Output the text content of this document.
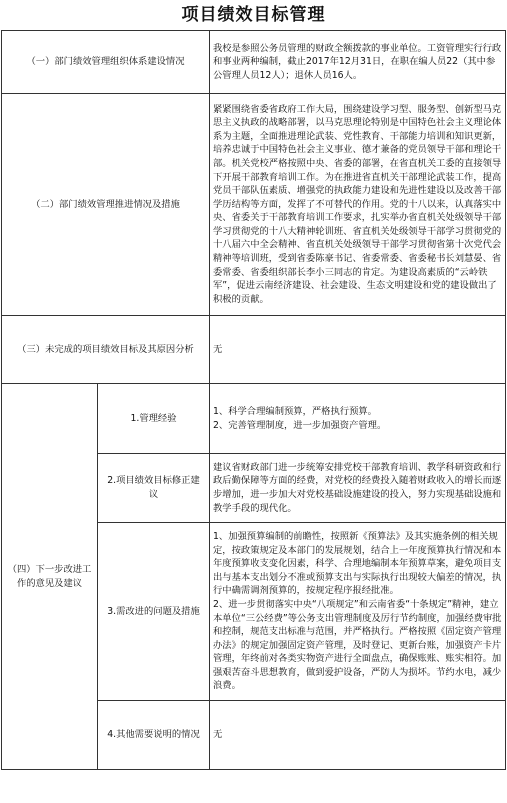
项目绩效目标管理
（一）部门绩效管理组织体系建设情况		我校是参照公务员管理的财政全额拨款的事业单位。工资管理实行行政和事业两种编制，截止2017年12月31日，在职在编人员22（其中参公管理人员12人）；退休人员16人。
（二）部门绩效管理推进情况及措施		紧紧围绕省委省政府工作大局，围绕建设学习型、服务型、创新型马克思主义执政的战略部署，以马克思理论特别是中国特色社会主义理论体系为主题，全面推进理论武装、党性教育、干部能力培训和知识更新，培养忠诚于中国特色社会主义事业、德才兼备的党员领导干部和理论干部。机关党校严格按照中央、省委的部署，在省直机关工委的直接领导下开展干部教育培训工作。为在推进省直机关干部理论武装工作，提高党员干部队伍素质、增强党的执政能力建设和先进性建设以及改善干部学历结构等方面，发挥了不可替代的作用。党的十八以来，认真落实中央、省委关于干部教育培训工作要求，扎实举办省直机关处级领导干部学习贯彻党的十八大精神轮训班、省直机关处级领导干部学习贯彻党的十八届六中全会精神、省直机关处级领导干部学习贯彻省第十次党代会精神等培训班，受到省委陈豪书记、省委常委、省委秘书长刘慧晏、省委常委、省委组织部长李小三同志的肯定。为建设高素质的“云岭铁军”，促进云南经济建设、社会建设、生态文明建设和党的建设做出了积极的贡献。
（三）未完成的项目绩效目标及其原因分析		无
（四）下一步改进工作的意见及建议	1.管理经验	1、科学合理编制预算，严格执行预算。
2、完善管理制度，进一步加强资产管理。

	2.项目绩效目标修正建议	建议省财政部门进一步统筹安排党校干部教育培训、教学科研资政和行政后勤保障等方面的经费，对党校的经费投入随着财政收入的增长而逐步增加，进一步加大对党校基础设施建设的投入，努力实现基础设施和教学手段的现代化。

	3.需改进的问题及措施	1、加强预算编制的前瞻性，按照新《预算法》及其实施条例的相关规定，按政策规定及本部门的发展规划，结合上一年度预算执行情况和本年度预算收支变化因素，科学、合理地编制本年预算草案，避免项目支出与基本支出划分不准或预算支出与实际执行出现较大偏差的情况，执行中确需调剂预算的，按规定程序报经批准。
2、进一步贯彻落实中央“八项规定”和云南省委“十条规定”精神，建立本单位“三公经费”等公务支出管理制度及厉行节约制度，加强经费审批和控制，规范支出标准与范围，并严格执行。严格按照《固定资产管理办法》的规定加强固定资产管理，及时登记、更新台账，加强资产卡片管理，年终前对各类实物资产进行全面盘点，确保账账、账实相符。加强艰苦奋斗思想教育，做到爱护设备，严防人为损坏。节约水电，减少浪费。

	4.其他需要说明的情况	无
